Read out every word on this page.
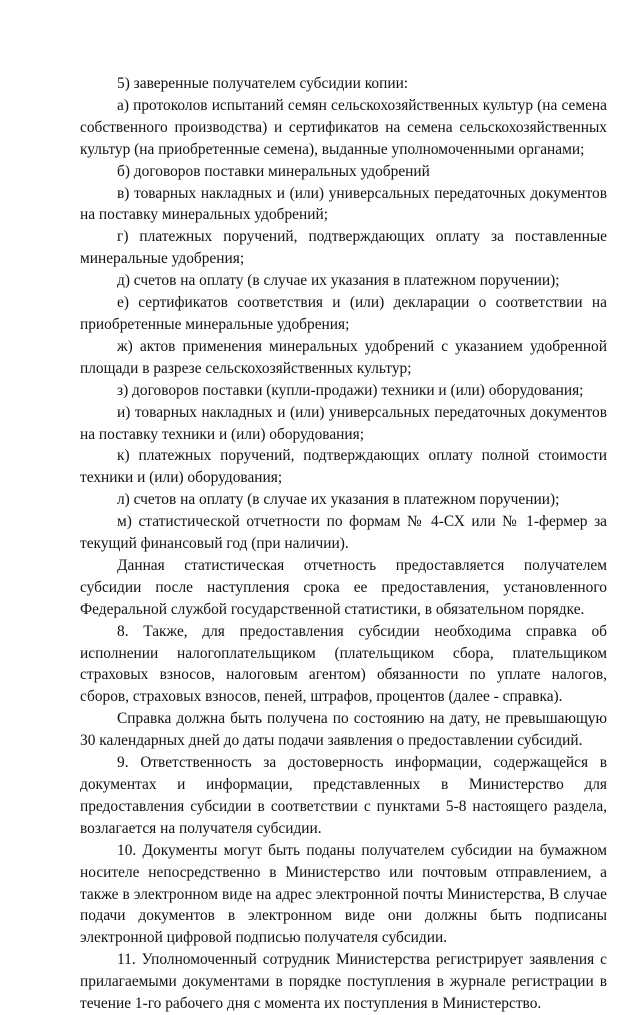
5) заверенные получателем субсидии копии:

а) протоколов испытаний семян сельскохозяйственных культур (на семена собственного производства) и сертификатов на семена сельскохозяйственных культур (на приобретенные семена), выданные уполномоченными органами;

б) договоров поставки минеральных удобрений

в) товарных накладных и (или) универсальных передаточных документов на поставку минеральных удобрений;

г) платежных поручений, подтверждающих оплату за поставленные минеральные удобрения;

д) счетов на оплату (в случае их указания в платежном поручении);

е) сертификатов соответствия и (или) декларации о соответствии на приобретенные минеральные удобрения;

ж) актов применения минеральных удобрений с указанием удобренной площади в разрезе сельскохозяйственных культур;

з) договоров поставки (купли-продажи) техники и (или) оборудования;

и) товарных накладных и (или) универсальных передаточных документов на поставку техники и (или) оборудования;

к) платежных поручений, подтверждающих оплату полной стоимости техники и (или) оборудования;

л) счетов на оплату (в случае их указания в платежном поручении);

м) статистической отчетности по формам № 4-СХ или № 1-фермер за текущий финансовый год (при наличии).

Данная статистическая отчетность предоставляется получателем субсидии после наступления срока ее предоставления, установленного Федеральной службой государственной статистики, в обязательном порядке.

8. Также, для предоставления субсидии необходима справка об исполнении налогоплательщиком (плательщиком сбора, плательщиком страховых взносов, налоговым агентом) обязанности по уплате налогов, сборов, страховых взносов, пеней, штрафов, процентов (далее - справка).

Справка должна быть получена по состоянию на дату, не превышающую 30 календарных дней до даты подачи заявления о предоставлении субсидий.

9. Ответственность за достоверность информации, содержащейся в документах и информации, представленных в Министерство для предоставления субсидии в соответствии с пунктами 5-8 настоящего раздела, возлагается на получателя субсидии.

10. Документы могут быть поданы получателем субсидии на бумажном носителе непосредственно в Министерство или почтовым отправлением, а также в электронном виде на адрес электронной почты Министерства, В случае подачи документов в электронном виде они должны быть подписаны электронной цифровой подписью получателя субсидии.

11. Уполномоченный сотрудник Министерства регистрирует заявления с прилагаемыми документами в порядке поступления в журнале регистрации в течение 1-го рабочего дня с момента их поступления в Министерство.
